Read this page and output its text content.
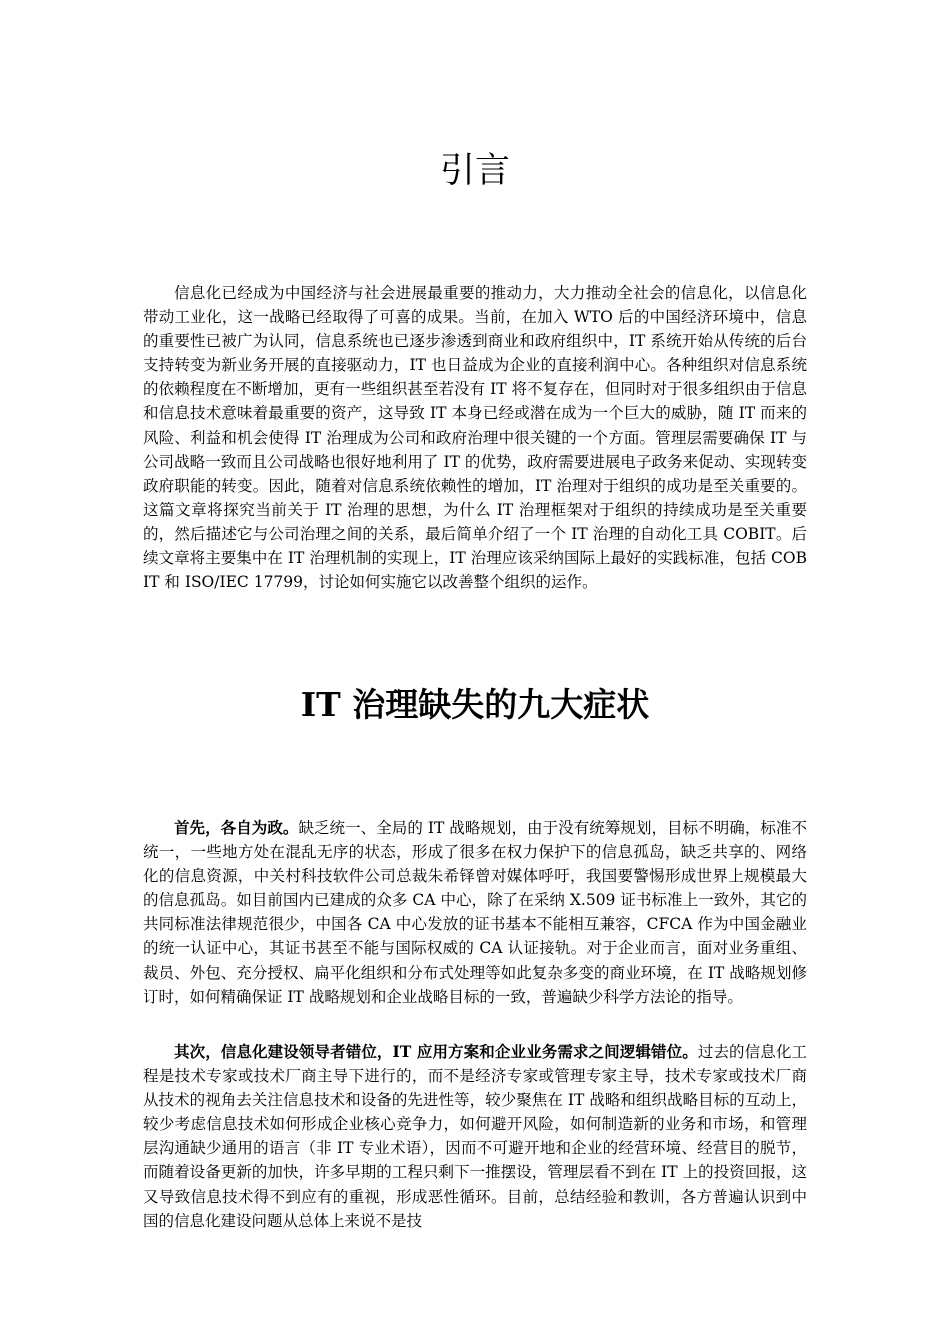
引言

信息化已经成为中国经济与社会进展最重要的推动力，大力推动全社会的信息化，以信息化带动工业化，这一战略已经取得了可喜的成果。当前，在加入 WTO 后的中国经济环境中，信息的重要性已被广为认同，信息系统也已逐步渗透到商业和政府组织中，IT 系统开始从传统的后台支持转变为新业务开展的直接驱动力，IT 也日益成为企业的直接利润中心。各种组织对信息系统的依赖程度在不断增加，更有一些组织甚至若没有 IT 将不复存在，但同时对于很多组织由于信息和信息技术意味着最重要的资产，这导致 IT 本身已经或潜在成为一个巨大的威胁，随 IT 而来的风险、利益和机会使得 IT 治理成为公司和政府治理中很关键的一个方面。管理层需要确保 IT 与公司战略一致而且公司战略也很好地利用了 IT 的优势，政府需要进展电子政务来促动、实现转变政府职能的转变。因此，随着对信息系统依赖性的增加，IT 治理对于组织的成功是至关重要的。这篇文章将探究当前关于 IT 治理的思想，为什么 IT 治理框架对于组织的持续成功是至关重要的，然后描述它与公司治理之间的关系，最后简单介绍了一个 IT 治理的自动化工具 COBIT。后续文章将主要集中在 IT 治理机制的实现上，IT 治理应该采纳国际上最好的实践标准，包括 COBIT 和 ISO/IEC 17799，讨论如何实施它以改善整个组织的运作。

IT 治理缺失的九大症状

首先，各自为政。缺乏统一、全局的 IT 战略规划，由于没有统筹规划，目标不明确，标准不统一，一些地方处在混乱无序的状态，形成了很多在权力保护下的信息孤岛，缺乏共享的、网络化的信息资源，中关村科技软件公司总裁朱希铎曾对媒体呼吁，我国要警惕形成世界上规模最大的信息孤岛。如目前国内已建成的众多 CA 中心，除了在采纳 X.509 证书标准上一致外，其它的共同标准法律规范很少，中国各 CA 中心发放的证书基本不能相互兼容，CFCA 作为中国金融业的统一认证中心，其证书甚至不能与国际权威的 CA 认证接轨。对于企业而言，面对业务重组、裁员、外包、充分授权、扁平化组织和分布式处理等如此复杂多变的商业环境，在 IT 战略规划修订时，如何精确保证 IT 战略规划和企业战略目标的一致，普遍缺少科学方法论的指导。

其次，信息化建设领导者错位，IT 应用方案和企业业务需求之间逻辑错位。过去的信息化工程是技术专家或技术厂商主导下进行的，而不是经济专家或管理专家主导，技术专家或技术厂商从技术的视角去关注信息技术和设备的先进性等，较少聚焦在 IT 战略和组织战略目标的互动上，较少考虑信息技术如何形成企业核心竞争力，如何避开风险，如何制造新的业务和市场，和管理层沟通缺少通用的语言（非 IT 专业术语），因而不可避开地和企业的经营环境、经营目的脱节，而随着设备更新的加快，许多早期的工程只剩下一推摆设，管理层看不到在 IT 上的投资回报，这又导致信息技术得不到应有的重视，形成恶性循环。目前，总结经验和教训，各方普遍认识到中国的信息化建设问题从总体上来说不是技
